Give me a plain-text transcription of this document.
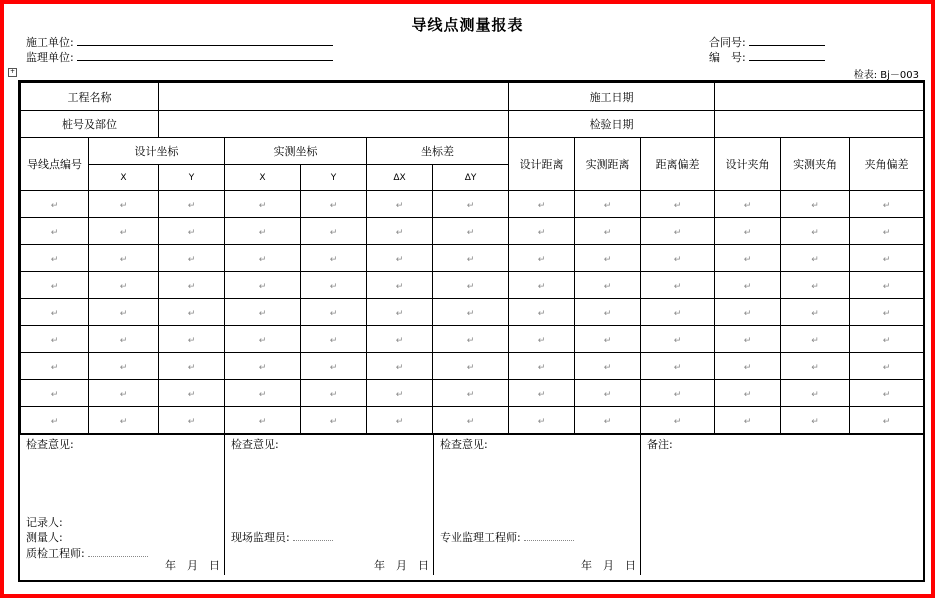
导线点测量报表
施工单位:
监理单位:
合同号:
编　号:
+	检表: Bj－003
工程名称							施工日期					
桩号及部位							检验日期					
导线点编号	设计坐标		实测坐标		坐标差		设计距离	实测距离	距离偏差	设计夹角	实测夹角	夹角偏差
	X	Y	X	Y	ΔX	ΔY						
↵	↵	↵	↵	↵	↵	↵	↵	↵	↵	↵	↵	↵
↵	↵	↵	↵	↵	↵	↵	↵	↵	↵	↵	↵	↵
↵	↵	↵	↵	↵	↵	↵	↵	↵	↵	↵	↵	↵
↵	↵	↵	↵	↵	↵	↵	↵	↵	↵	↵	↵	↵
↵	↵	↵	↵	↵	↵	↵	↵	↵	↵	↵	↵	↵
↵	↵	↵	↵	↵	↵	↵	↵	↵	↵	↵	↵	↵
↵	↵	↵	↵	↵	↵	↵	↵	↵	↵	↵	↵	↵
↵	↵	↵	↵	↵	↵	↵	↵	↵	↵	↵	↵	↵
↵	↵	↵	↵	↵	↵	↵	↵	↵	↵	↵	↵	↵
检查意见:
记录人:
测量人:
质检工程师:
年　月　日
检查意见:
现场监理员:
年　月　日
检查意见:
专业监理工程师:
年　月　日
备注:
